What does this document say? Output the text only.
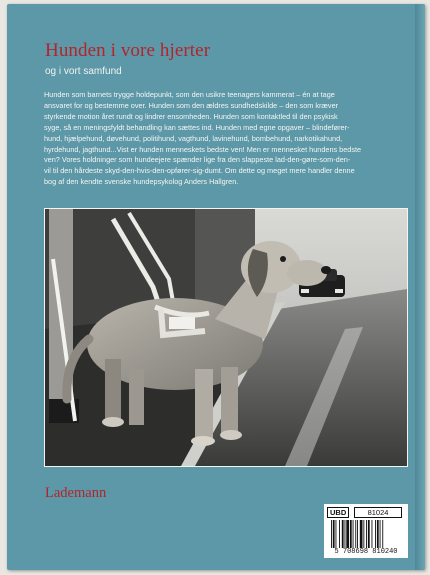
Hunden i vore hjerter
og i vort samfund
Hunden som barnets trygge holdepunkt, som den usikre teenagers kammerat – én at tage
ansvaret for og bestemme over. Hunden som den ældres sundhedskilde – den som kræver
styrkende motion året rundt og lindrer ensomheden. Hunden som kontaktled til den psykisk
syge, så en meningsfyldt behandling kan sættes ind. Hunden med egne opgaver – blindefører-
hund, hjælpehund, døvehund, politihund, vagthund, lavinehund, bombehund, narkotikahund,
hyrdehund, jagthund...Vist er hunden menneskets bedste ven! Men er mennesket hundens bedste
ven? Vores holdninger som hundeejere spænder lige fra den slappeste lad-den-gøre-som-den-
vil til den hårdeste skyd-den-hvis-den-opfører-sig-dumt. Om dette og meget mere handler denne
bog af den kendte svenske hundepsykolog Anders Hallgren.
Lademann
UBD	81024
5 708698 810240
